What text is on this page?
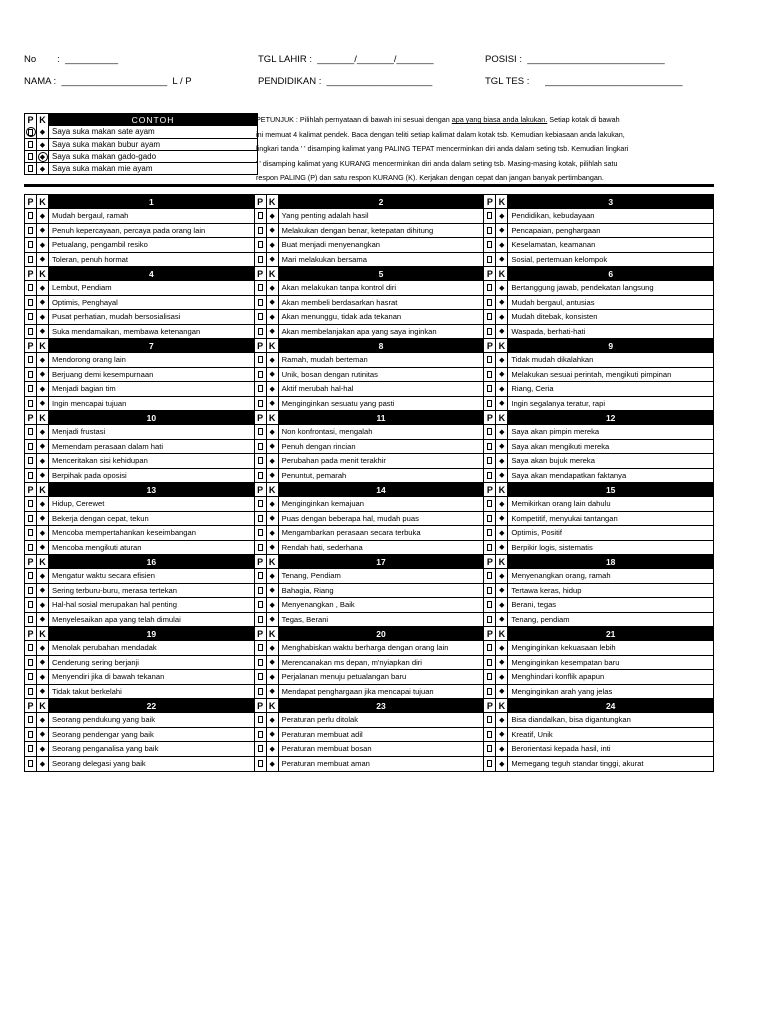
No        :  __________
NAMA :  ____________________  L / P
TGL LAHIR :  _______/_______/_______
PENDIDIKAN :  ____________________
POSISI :  __________________________
TGL TES :      __________________________
P K	CONTOH
◆ Saya suka makan sate ayam
◆ Saya suka makan bubur ayam
◆ Saya suka makan gado-gado
◆ Saya suka makan mie ayam
PETUNJUK : Pilihlah pernyataan di bawah ini sesuai dengan apa yang biasa anda lakukan. Setiap kotak di bawah
ini memuat 4 kalimat pendek. Baca dengan teliti setiap kalimat dalam kotak tsb. Kemudian kebiasaan anda lakukan,
lingkari tanda ' ' disamping kalimat yang PALING TEPAT mencerminkan diri anda dalam seting tsb. Kemudian lingkari
' ' disamping kalimat yang KURANG mencerminkan diri anda dalam seting tsb. Masing-masing kotak, pilihlah satu
respon PALING (P) dan satu respon KURANG (K). Kerjakan dengan cepat dan jangan banyak pertimbangan.
P K	1
◆ Mudah bergaul, ramah
◆ Penuh kepercayaan, percaya pada orang lain
◆ Petualang, pengambil resiko
◆ Toleran, penuh hormat
P K	2
◆ Yang penting adalah hasil
◆ Melakukan dengan benar, ketepatan dihitung
◆ Buat menjadi menyenangkan
◆ Mari melakukan bersama
P K	3
◆ Pendidikan, kebudayaan
◆ Pencapaian, penghargaan
◆ Keselamatan, keamanan
◆ Sosial, pertemuan kelompok
P K	4
◆ Lembut, Pendiam
◆ Optimis, Penghayal
◆ Pusat perhatian, mudah bersosialisasi
◆ Suka mendamaikan, membawa ketenangan
P K	5
◆ Akan melakukan tanpa kontrol diri
◆ Akan membeli berdasarkan hasrat
◆ Akan menunggu, tidak ada tekanan
◆ Akan membelanjakan apa yang saya inginkan
P K	6
◆ Bertanggung jawab, pendekatan langsung
◆ Mudah bergaul, antusias
◆ Mudah ditebak, konsisten
◆ Waspada, berhati-hati
P K	7
◆ Mendorong orang lain
◆ Berjuang demi kesempurnaan
◆ Menjadi bagian tim
◆ Ingin mencapai tujuan
P K	8
◆ Ramah, mudah berteman
◆ Unik, bosan dengan rutinitas
◆ Aktif merubah hal-hal
◆ Menginginkan sesuatu yang pasti
P K	9
◆ Tidak mudah dikalahkan
◆ Melakukan sesuai perintah, mengikuti pimpinan
◆ Riang, Ceria
◆ Ingin segalanya teratur, rapi
P K	10
◆ Menjadi frustasi
◆ Memendam perasaan dalam hati
◆ Menceritakan sisi kehidupan
◆ Berpihak pada oposisi
P K	11
◆ Non konfrontasi, mengalah
◆ Penuh dengan rincian
◆ Perubahan pada menit terakhir
◆ Penuntut, pemarah
P K	12
◆ Saya akan pimpin mereka
◆ Saya akan mengikuti mereka
◆ Saya akan bujuk mereka
◆ Saya akan mendapatkan faktanya
P K	13
◆ Hidup, Cerewet
◆ Bekerja dengan cepat, tekun
◆ Mencoba mempertahankan keseimbangan
◆ Mencoba mengikuti aturan
P K	14
◆ Menginginkan kemajuan
◆ Puas dengan beberapa hal, mudah puas
◆ Mengambarkan perasaan secara terbuka
◆ Rendah hati, sederhana
P K	15
◆ Memikirkan orang lain dahulu
◆ Kompetitif, menyukai tantangan
◆ Optimis, Positif
◆ Berpikir logis, sistematis
P K	16
◆ Mengatur waktu secara efisien
◆ Sering terburu-buru, merasa tertekan
◆ Hal-hal sosial merupakan hal penting
◆ Menyelesaikan apa yang telah dimulai
P K	17
◆ Tenang, Pendiam
◆ Bahagia, Riang
◆ Menyenangkan , Baik
◆ Tegas, Berani
P K	18
◆ Menyenangkan orang, ramah
◆ Tertawa keras, hidup
◆ Berani, tegas
◆ Tenang, pendiam
P K	19
◆ Menolak perubahan mendadak
◆ Cenderung sering berjanji
◆ Menyendiri jika di bawah tekanan
◆ Tidak takut berkelahi
P K	20
◆ Menghabiskan waktu berharga dengan orang lain
◆ Merencanakan ms depan, m'nyiapkan diri
◆ Perjalanan menuju petualangan baru
◆ Mendapat penghargaan jika mencapai tujuan
P K	21
◆ Menginginkan kekuasaan lebih
◆ Menginginkan kesempatan baru
◆ Menghindari konflik apapun
◆ Menginginkan arah yang jelas
P K	22
◆ Seorang pendukung yang baik
◆ Seorang pendengar yang baik
◆ Seorang penganalisa yang baik
◆ Seorang delegasi yang baik
P K	23
◆ Peraturan perlu ditolak
◆ Peraturan membuat adil
◆ Peraturan membuat bosan
◆ Peraturan membuat aman
P K	24
◆ Bisa diandalkan, bisa digantungkan
◆ Kreatif, Unik
◆ Berorientasi kepada hasil, inti
◆ Memegang teguh standar tinggi, akurat
